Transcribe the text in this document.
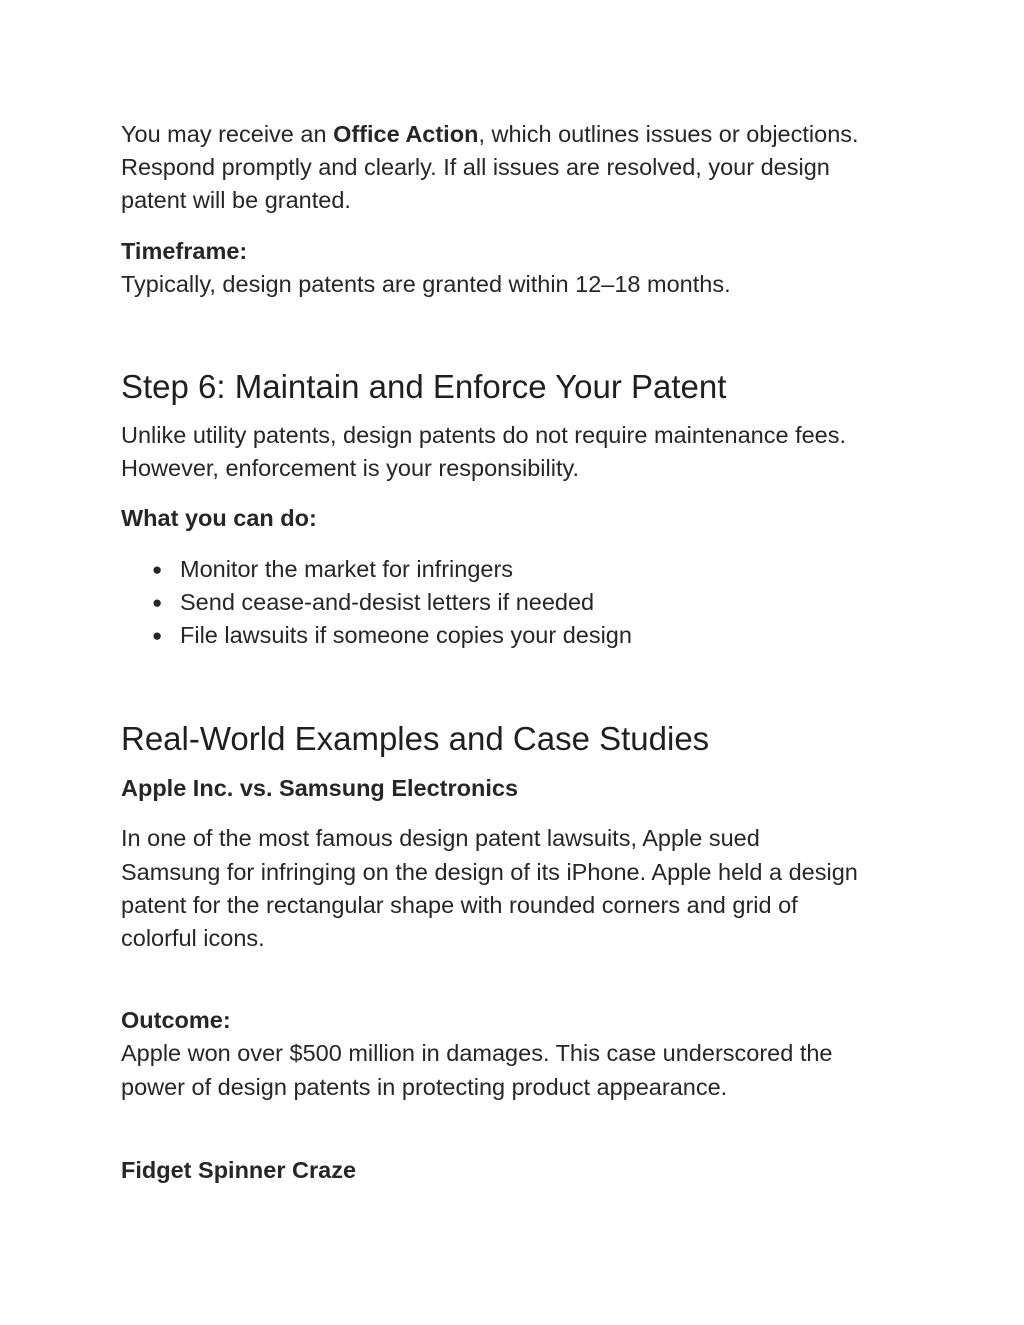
You may receive an Office Action, which outlines issues or objections. Respond promptly and clearly. If all issues are resolved, your design patent will be granted.

Timeframe:

Typically, design patents are granted within 12–18 months.

Step 6: Maintain and Enforce Your Patent

Unlike utility patents, design patents do not require maintenance fees. However, enforcement is your responsibility.

What you can do:

● Monitor the market for infringers
● Send cease-and-desist letters if needed
● File lawsuits if someone copies your design
Real-World Examples and Case Studies

Apple Inc. vs. Samsung Electronics

In one of the most famous design patent lawsuits, Apple sued Samsung for infringing on the design of its iPhone. Apple held a design patent for the rectangular shape with rounded corners and grid of colorful icons.

Outcome:

Apple won over $500 million in damages. This case underscored the power of design patents in protecting product appearance.

Fidget Spinner Craze
